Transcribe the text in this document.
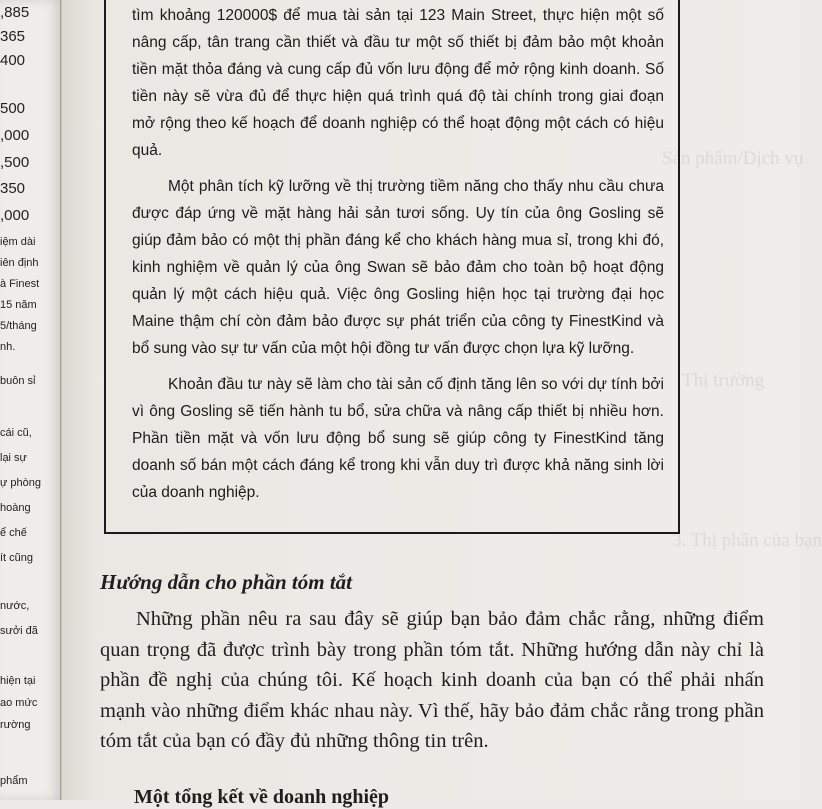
,885
365
400
500
,000
,500
350
,000
iệm dài
iên định
à Finest
15 năm
5/tháng
nh.
buôn sỉ
cái cũ,
lại sự
ự phòng
hoàng
ể chế
ít cũng
nước,
sưởi đã
hiện tại
ao mức
rường
phẩm
Sản phẩm/Dịch vụ
Thị trường
3. Thị phần của bạn

tìm khoảng 120000$ để mua tài sản tại 123 Main Street, thực hiện một số nâng cấp, tân trang cần thiết và đầu tư một số thiết bị đảm bảo một khoản tiền mặt thỏa đáng và cung cấp đủ vốn lưu động để mở rộng kinh doanh. Số tiền này sẽ vừa đủ để thực hiện quá trình quá độ tài chính trong giai đoạn mở rộng theo kế hoạch để doanh nghiệp có thể hoạt động một cách có hiệu quả.

Một phân tích kỹ lưỡng về thị trường tiềm năng cho thấy nhu cầu chưa được đáp ứng về mặt hàng hải sản tươi sống. Uy tín của ông Gosling sẽ giúp đảm bảo có một thị phần đáng kể cho khách hàng mua sỉ, trong khi đó, kinh nghiệm về quản lý của ông Swan sẽ bảo đảm cho toàn bộ hoạt động quản lý một cách hiệu quả. Việc ông Gosling hiện học tại trường đại học Maine thậm chí còn đảm bảo được sự phát triển của công ty FinestKind và bổ sung vào sự tư vấn của một hội đồng tư vấn được chọn lựa kỹ lưỡng.

Khoản đầu tư này sẽ làm cho tài sản cố định tăng lên so với dự tính bởi vì ông Gosling sẽ tiến hành tu bổ, sửa chữa và nâng cấp thiết bị nhiều hơn. Phần tiền mặt và vốn lưu động bổ sung sẽ giúp công ty FinestKind tăng doanh số bán một cách đáng kể trong khi vẫn duy trì được khả năng sinh lời của doanh nghiệp.

Hướng dẫn cho phần tóm tắt

Những phần nêu ra sau đây sẽ giúp bạn bảo đảm chắc rằng, những điểm quan trọng đã được trình bày trong phần tóm tắt. Những hướng dẫn này chỉ là phần đề nghị của chúng tôi. Kế hoạch kinh doanh của bạn có thể phải nhấn mạnh vào những điểm khác nhau này. Vì thế, hãy bảo đảm chắc rằng trong phần tóm tắt của bạn có đầy đủ những thông tin trên.

Một tổng kết về doanh nghiệp
